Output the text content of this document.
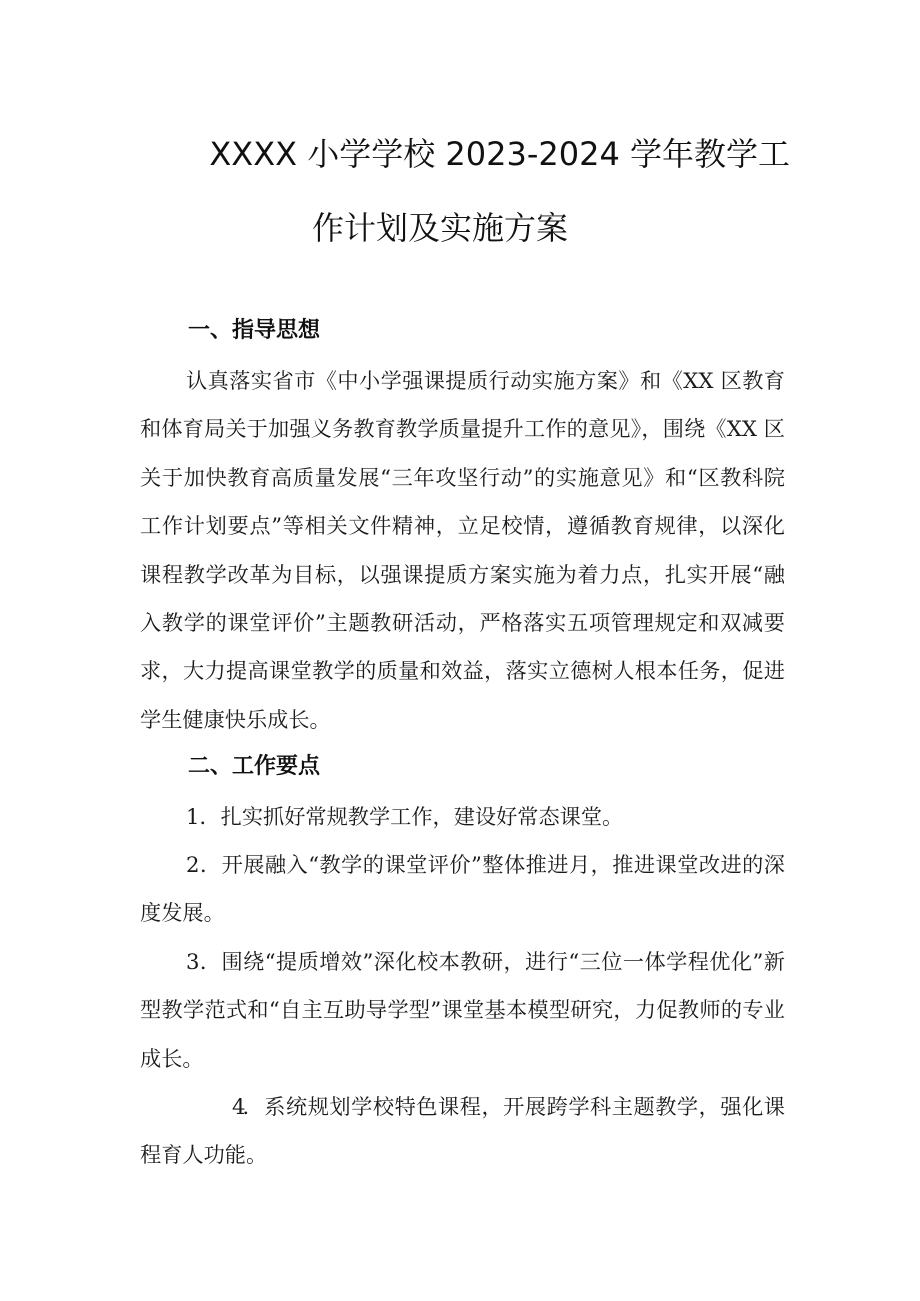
XXXX 小学学校 2023-2024 学年教学工
作计划及实施方案
一、指导思想
认真落实省市《中小学强课提质行动实施方案》和《XX 区教育和体育局关于加强义务教育教学质量提升工作的意见》，围绕《XX 区关于加快教育高质量发展“三年攻坚行动”的实施意见》和“区教科院工作计划要点”等相关文件精神，立足校情，遵循教育规律，以深化课程教学改革为目标，以强课提质方案实施为着力点，扎实开展“融入教学的课堂评价”主题教研活动，严格落实五项管理规定和双减要求，大力提高课堂教学的质量和效益，落实立德树人根本任务，促进学生健康快乐成长。
二、工作要点
1．扎实抓好常规教学工作，建设好常态课堂。
2．开展融入“教学的课堂评价”整体推进月，推进课堂改进的深度发展。
3．围绕“提质增效”深化校本教研，进行“三位一体学程优化”新型教学范式和“自主互助导学型”课堂基本模型研究，力促教师的专业成长。
4．系统规划学校特色课程，开展跨学科主题教学，强化课程育人功能。
